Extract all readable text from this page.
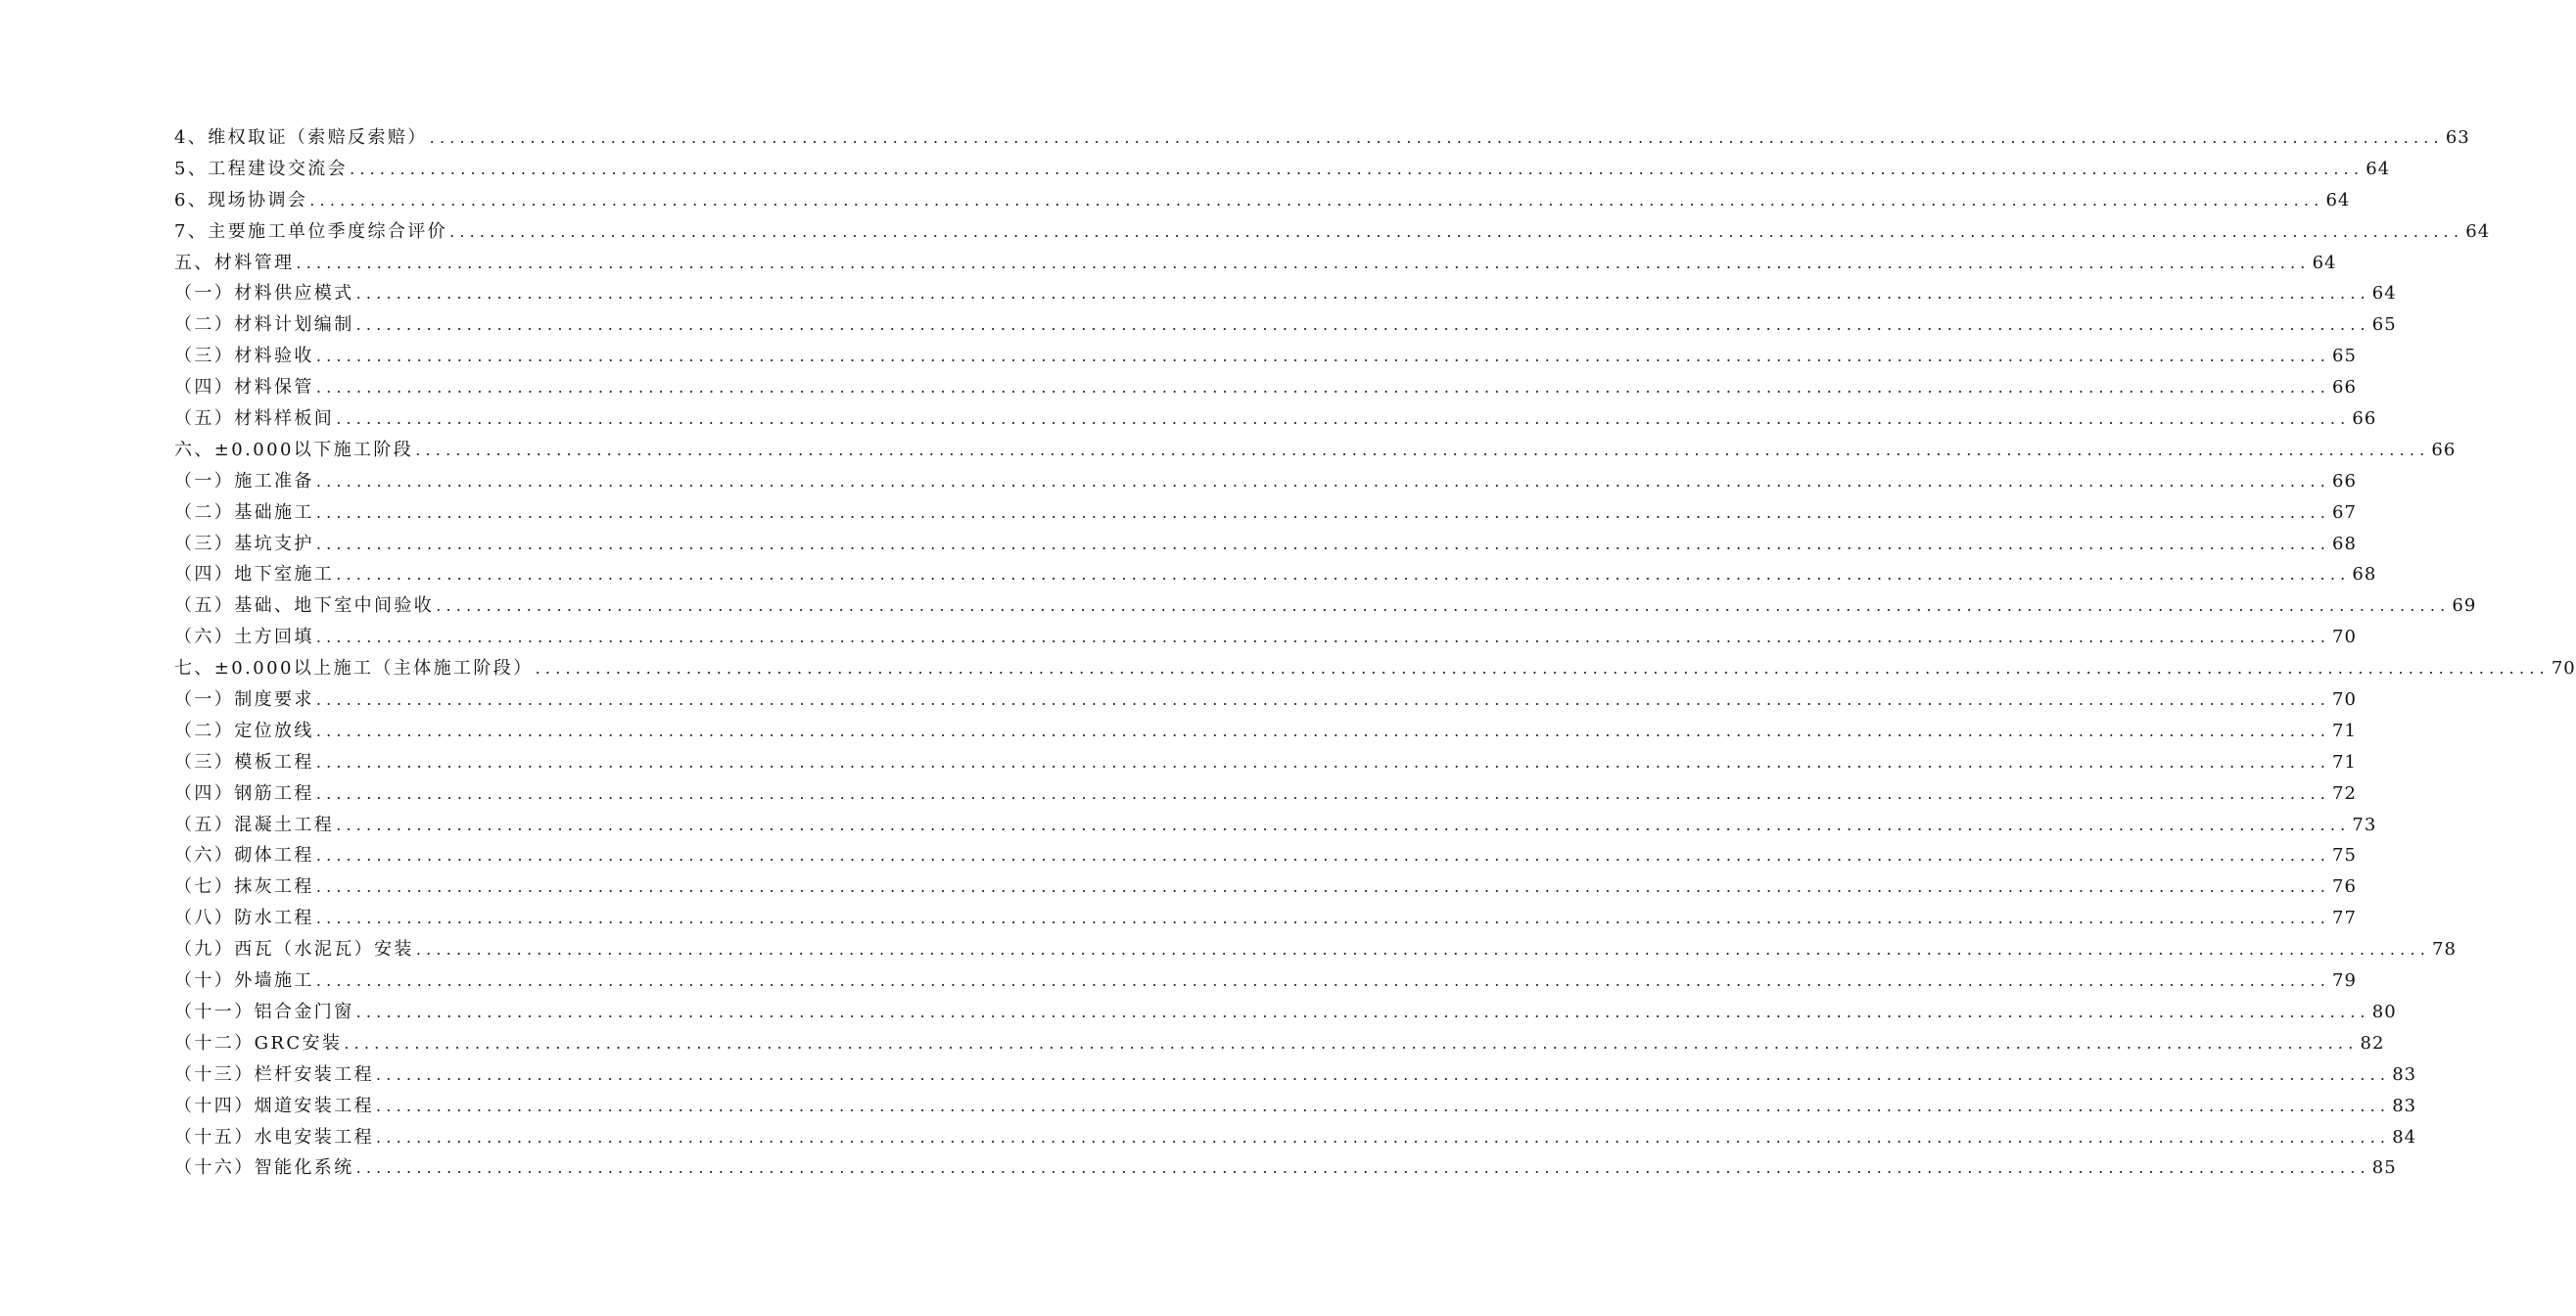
4、维权取证（索赔反索赔） ........................................................................................................................................................................................................ 63
5、工程建设交流会 ........................................................................................................................................................................................................ 64
6、现场协调会 ........................................................................................................................................................................................................ 64
7、主要施工单位季度综合评价 ........................................................................................................................................................................................................ 64
五、材料管理 ........................................................................................................................................................................................................ 64
（一）材料供应模式 ........................................................................................................................................................................................................ 64
（二）材料计划编制 ........................................................................................................................................................................................................ 65
（三）材料验收 ........................................................................................................................................................................................................ 65
（四）材料保管 ........................................................................................................................................................................................................ 66
（五）材料样板间 ........................................................................................................................................................................................................ 66
六、±0.000以下施工阶段 ........................................................................................................................................................................................................ 66
（一）施工准备 ........................................................................................................................................................................................................ 66
（二）基础施工 ........................................................................................................................................................................................................ 67
（三）基坑支护 ........................................................................................................................................................................................................ 68
（四）地下室施工 ........................................................................................................................................................................................................ 68
（五）基础、地下室中间验收 ........................................................................................................................................................................................................ 69
（六）土方回填 ........................................................................................................................................................................................................ 70
七、±0.000以上施工（主体施工阶段） ........................................................................................................................................................................................................ 70
（一）制度要求 ........................................................................................................................................................................................................ 70
（二）定位放线 ........................................................................................................................................................................................................ 71
（三）模板工程 ........................................................................................................................................................................................................ 71
（四）钢筋工程 ........................................................................................................................................................................................................ 72
（五）混凝土工程 ........................................................................................................................................................................................................ 73
（六）砌体工程 ........................................................................................................................................................................................................ 75
（七）抹灰工程 ........................................................................................................................................................................................................ 76
（八）防水工程 ........................................................................................................................................................................................................ 77
（九）西瓦（水泥瓦）安装 ........................................................................................................................................................................................................ 78
（十）外墙施工 ........................................................................................................................................................................................................ 79
（十一）铝合金门窗 ........................................................................................................................................................................................................ 80
（十二）GRC安装 ........................................................................................................................................................................................................ 82
（十三）栏杆安装工程 ........................................................................................................................................................................................................ 83
（十四）烟道安装工程 ........................................................................................................................................................................................................ 83
（十五）水电安装工程 ........................................................................................................................................................................................................ 84
（十六）智能化系统 ........................................................................................................................................................................................................ 85
